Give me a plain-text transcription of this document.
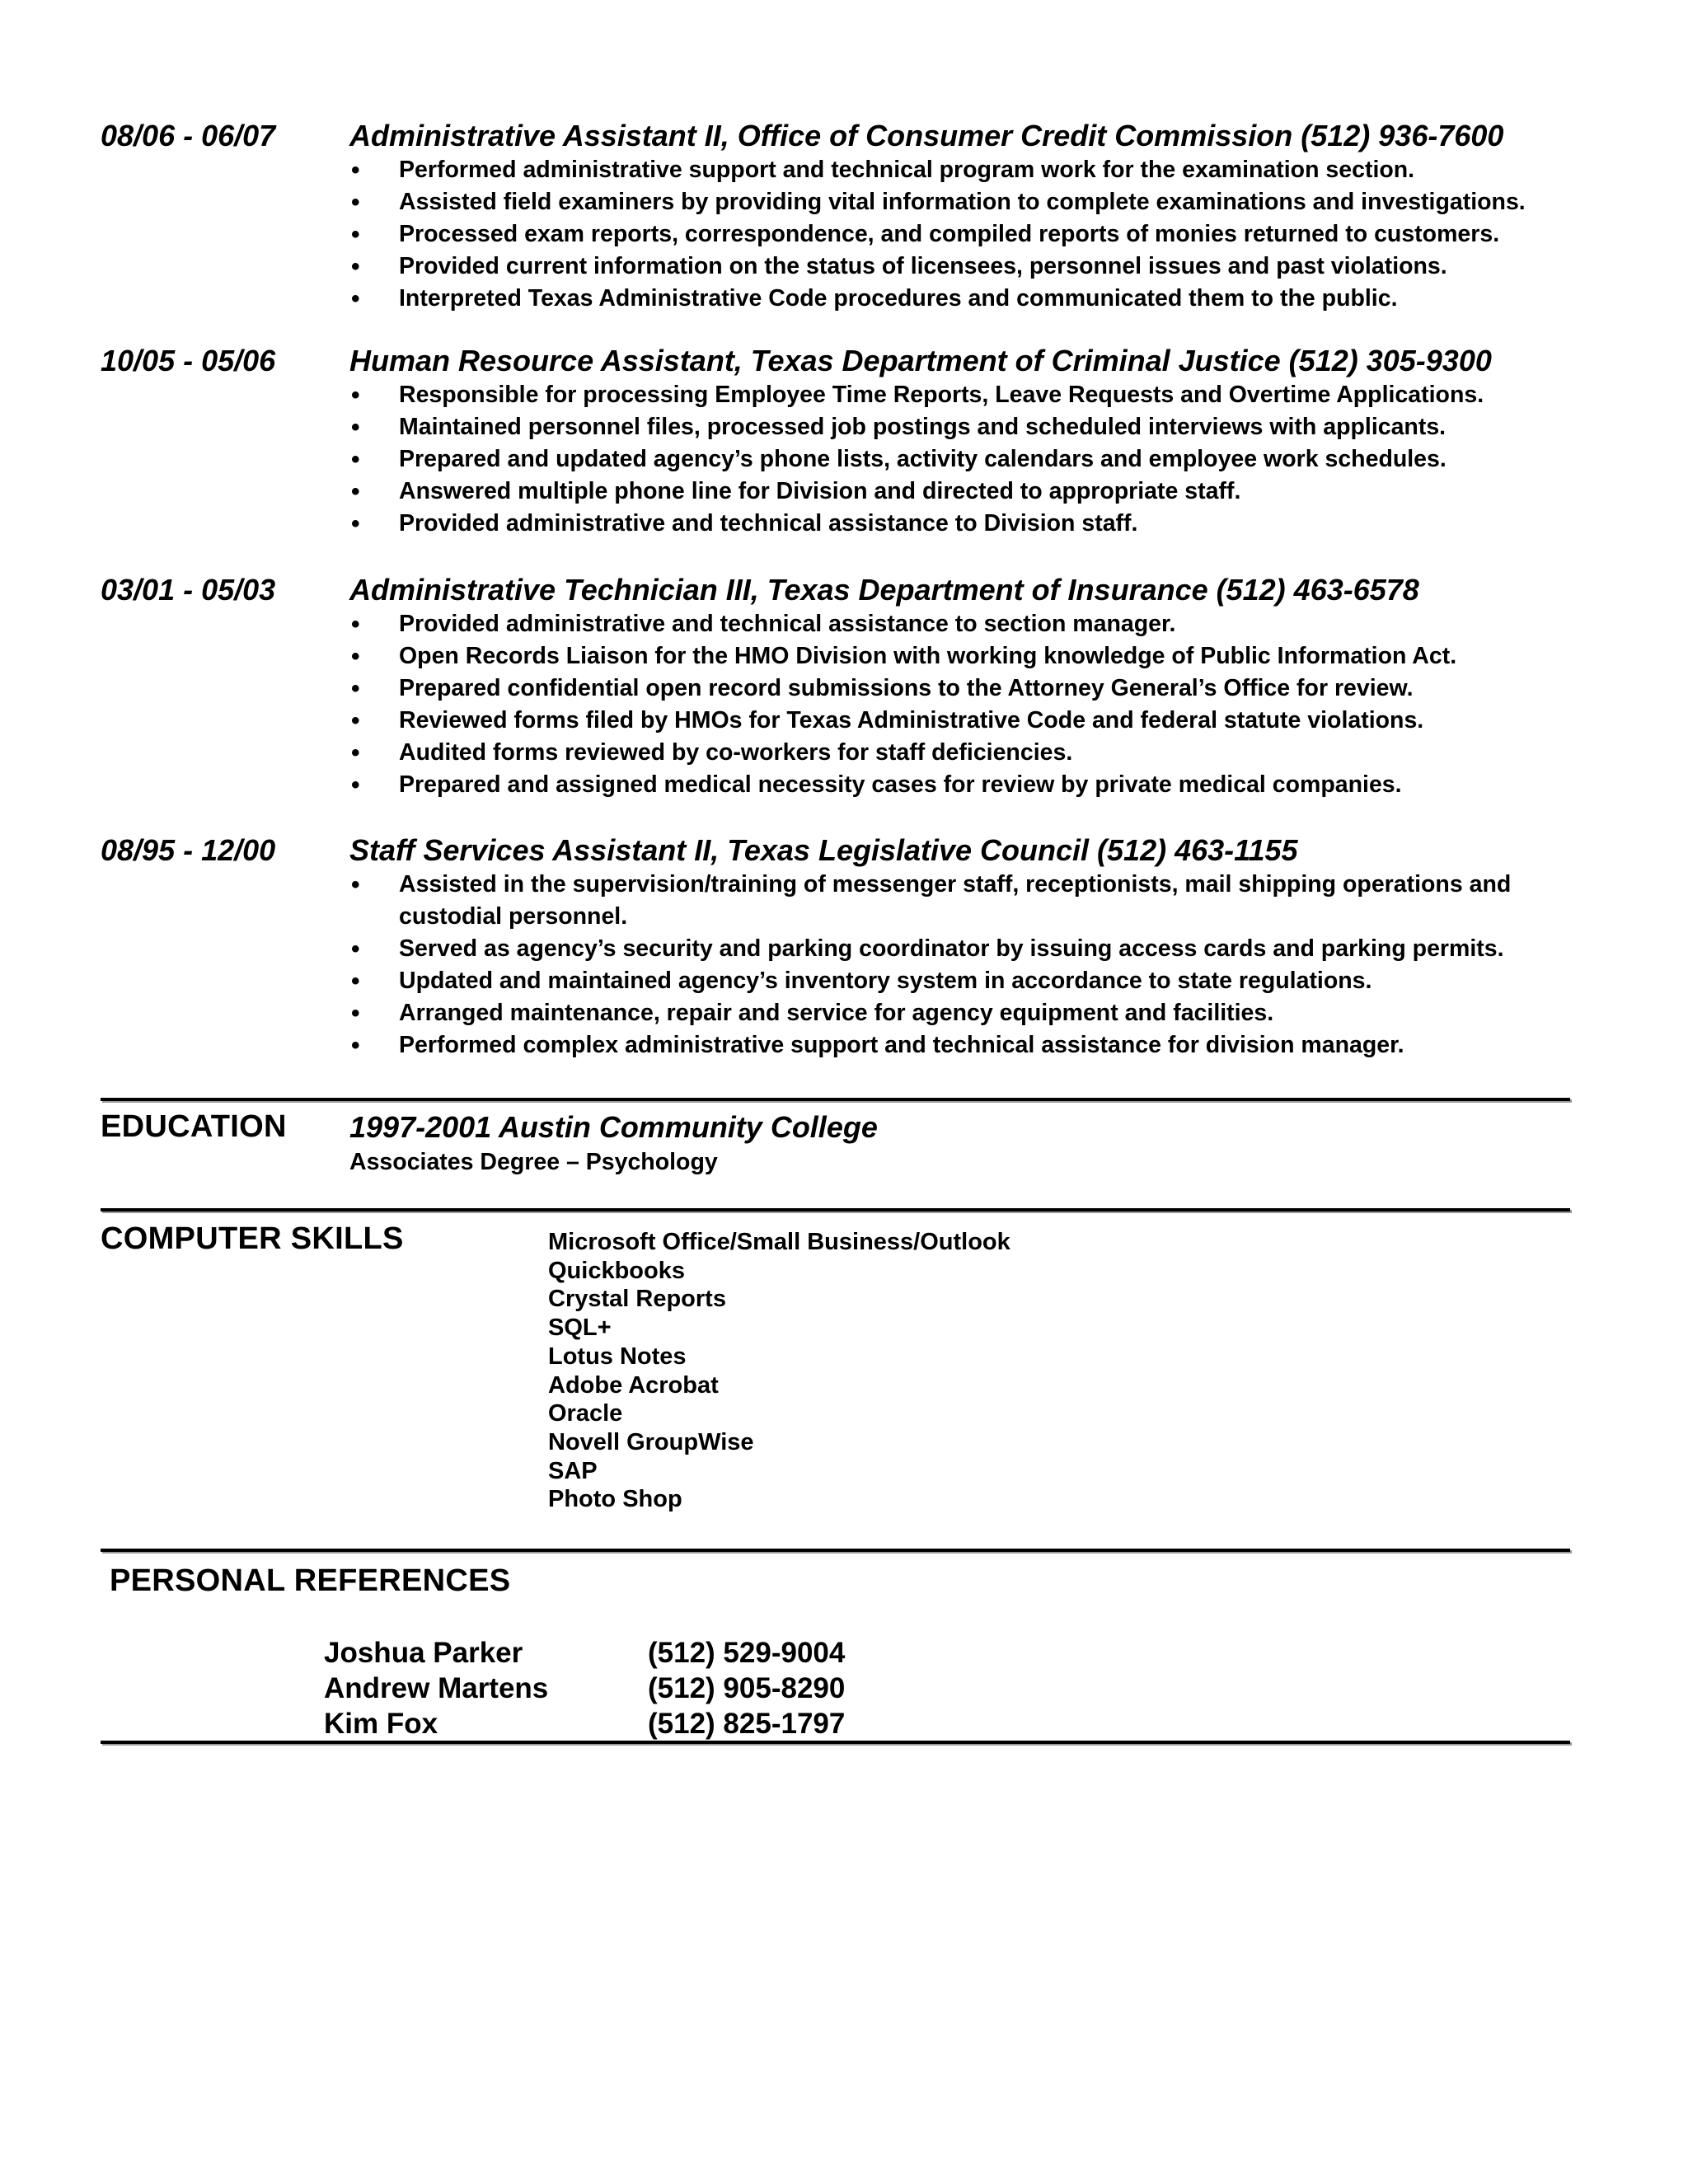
08/06 - 06/07	Administrative Assistant II, Office of Consumer Credit Commission (512) 936-7600
• Performed administrative support and technical program work for the examination section.
• Assisted field examiners by providing vital information to complete examinations and investigations.
• Processed exam reports, correspondence, and compiled reports of monies returned to customers.
• Provided current information on the status of licensees, personnel issues and past violations.
• Interpreted Texas Administrative Code procedures and communicated them to the public.
10/05 - 05/06	Human Resource Assistant, Texas Department of Criminal Justice (512) 305-9300
• Responsible for processing Employee Time Reports, Leave Requests and Overtime Applications.
• Maintained personnel files, processed job postings and scheduled interviews with applicants.
• Prepared and updated agency’s phone lists, activity calendars and employee work schedules.
• Answered multiple phone line for Division and directed to appropriate staff.
• Provided administrative and technical assistance to Division staff.
03/01 - 05/03	Administrative Technician III, Texas Department of Insurance (512) 463-6578
• Provided administrative and technical assistance to section manager.
• Open Records Liaison for the HMO Division with working knowledge of Public Information Act.
• Prepared confidential open record submissions to the Attorney General’s Office for review.
• Reviewed forms filed by HMOs for Texas Administrative Code and federal statute violations.
• Audited forms reviewed by co-workers for staff deficiencies.
• Prepared and assigned medical necessity cases for review by private medical companies.
08/95 - 12/00	Staff Services Assistant II, Texas Legislative Council (512) 463-1155
• Assisted in the supervision/training of messenger staff, receptionists, mail shipping operations and custodial personnel.
• Served as agency’s security and parking coordinator by issuing access cards and parking permits.
• Updated and maintained agency’s inventory system in accordance to state regulations.
• Arranged maintenance, repair and service for agency equipment and facilities.
• Performed complex administrative support and technical assistance for division manager.
EDUCATION 1997-2001 Austin Community College
Associates Degree – Psychology
COMPUTER SKILLS	Microsoft Office/Small Business/Outlook
Quickbooks
Crystal Reports
SQL+
Lotus Notes
Adobe Acrobat
Oracle
Novell GroupWise
SAP
Photo Shop
PERSONAL REFERENCES
Joshua Parker	(512) 529-9004
Andrew Martens	(512) 905-8290
Kim Fox	(512) 825-1797
